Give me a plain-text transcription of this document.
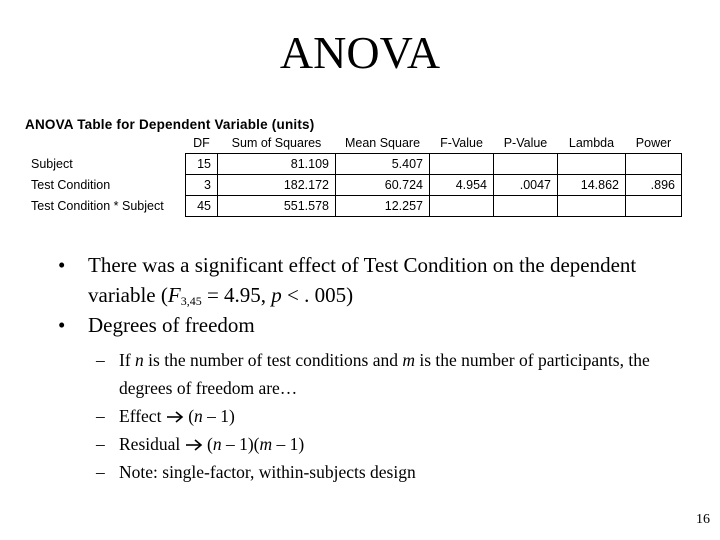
ANOVA
ANOVA Table for Dependent Variable (units)
	DF	Sum of Squares	Mean Square	F-Value	P-Value	Lambda	Power
Subject	15	81.109	5.407				
Test Condition	3	182.172	60.724	4.954	.0047	14.862	.896
Test Condition * Subject	45	551.578	12.257				
• There was a significant effect of Test Condition on the dependent variable ($F_{3,45} = 4.95$, p < . 005)
• Degrees of freedom
– If n is the number of test conditions and m is the number of participants, the degrees of freedom are…
– Effect  (n – 1)
– Residual  (n – 1)(m – 1)
– Note: single-factor, within-subjects design
16
